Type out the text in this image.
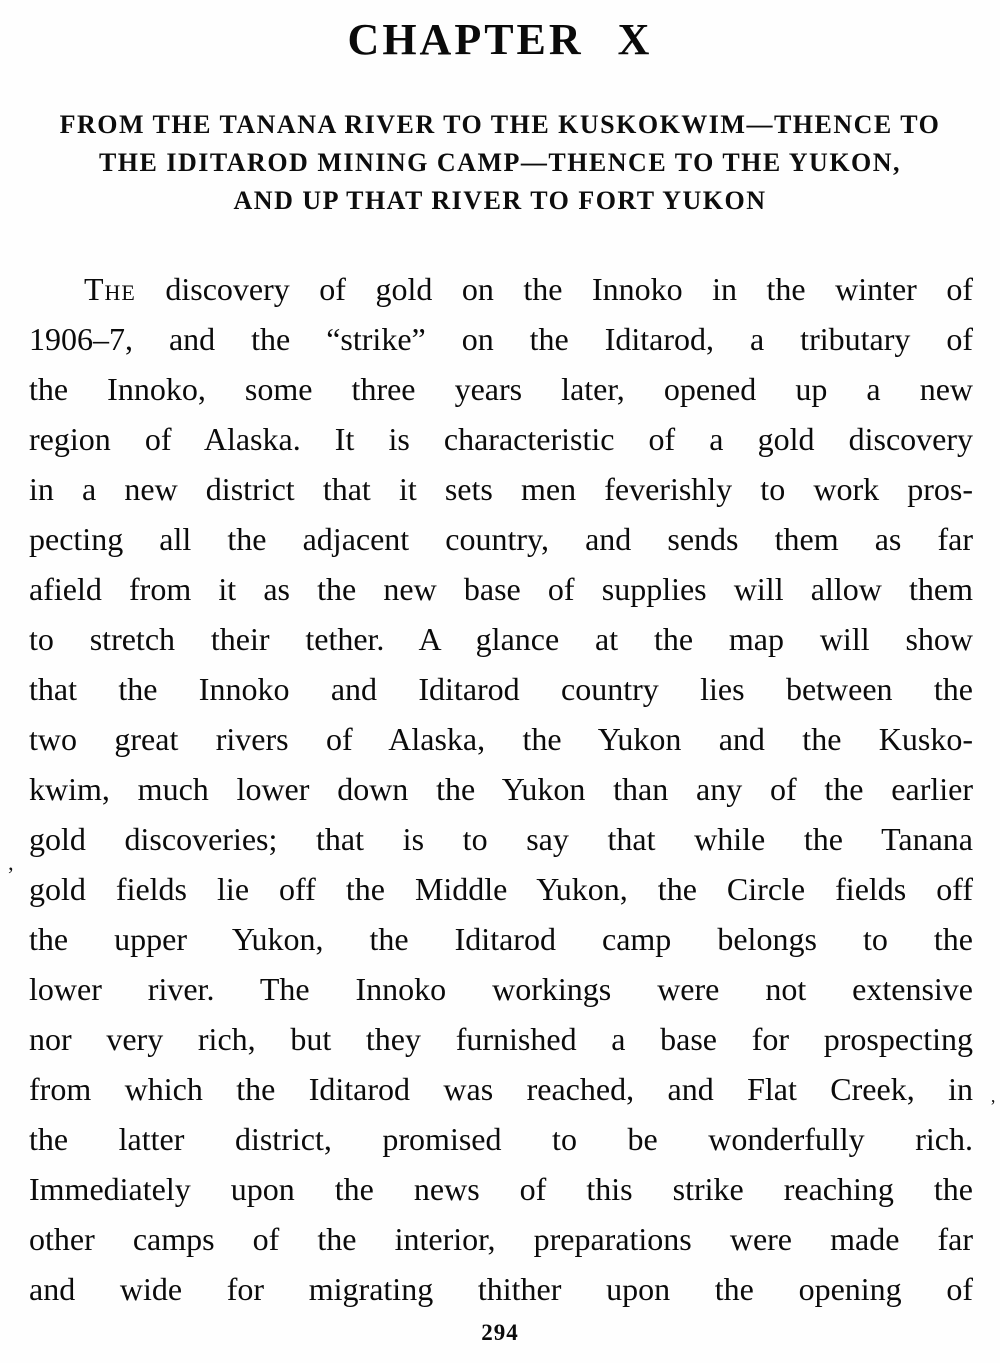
CHAPTER X
FROM THE TANANA RIVER TO THE KUSKOKWIM—THENCE TO
THE IDITAROD MINING CAMP—THENCE TO THE YUKON,
AND UP THAT RIVER TO FORT YUKON
The discovery of gold on the Innoko in the winter of
1906–7, and the “strike” on the Iditarod, a tributary of
the Innoko, some three years later, opened up a new
region of Alaska. It is characteristic of a gold discovery
in a new district that it sets men feverishly to work pros-
pecting all the adjacent country, and sends them as far
afield from it as the new base of supplies will allow them
to stretch their tether. A glance at the map will show
that the Innoko and Iditarod country lies between the
two great rivers of Alaska, the Yukon and the Kusko-
kwim, much lower down the Yukon than any of the earlier
gold discoveries; that is to say that while the Tanana
gold fields lie off the Middle Yukon, the Circle fields off
the upper Yukon, the Iditarod camp belongs to the
lower river. The Innoko workings were not extensive
nor very rich, but they furnished a base for prospecting
from which the Iditarod was reached, and Flat Creek, in
the latter district, promised to be wonderfully rich.
Immediately upon the news of this strike reaching the
other camps of the interior, preparations were made far
and wide for migrating thither upon the opening of
294
’
’
